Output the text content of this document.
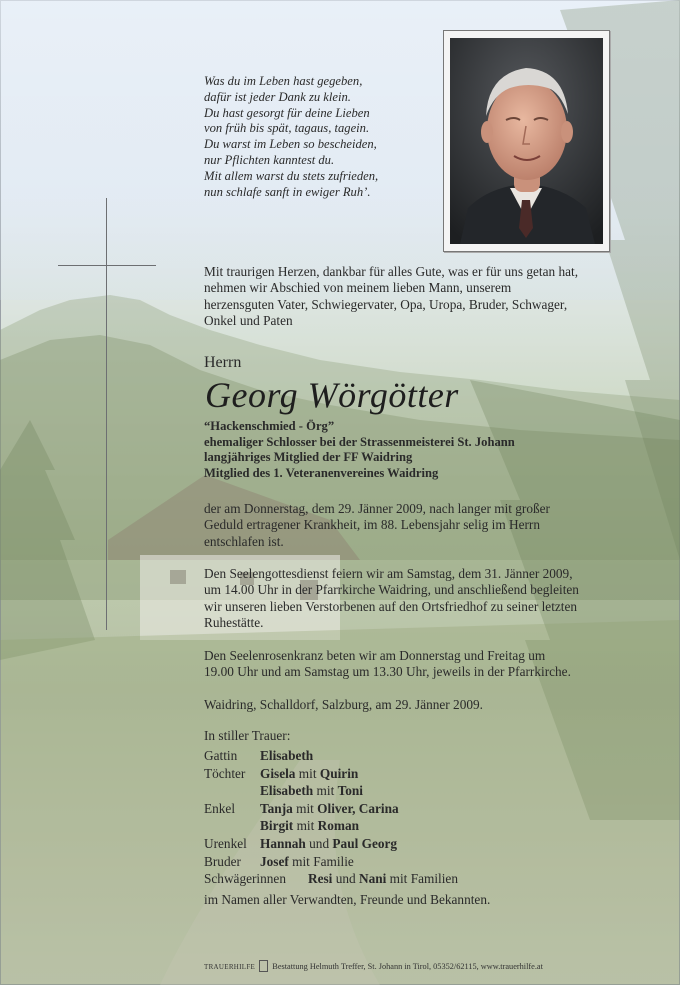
Was du im Leben hast gegeben,
dafür ist jeder Dank zu klein.
Du hast gesorgt für deine Lieben
von früh bis spät, tagaus, tagein.
Du warst im Leben so bescheiden,
nur Pflichten kanntest du.
Mit allem warst du stets zufrieden,
nun schlafe sanft in ewiger Ruh’.
Mit traurigen Herzen, dankbar für alles Gute, was er für uns getan hat,
nehmen wir Abschied von meinem lieben Mann, unserem
herzensguten Vater, Schwiegervater, Opa, Uropa, Bruder, Schwager,
Onkel und Paten
Herrn
Georg Wörgötter
“Hackenschmied - Örg”
ehemaliger Schlosser bei der Strassenmeisterei St. Johann
langjähriges Mitglied der FF Waidring
Mitglied des 1. Veteranenvereines Waidring
der am Donnerstag, dem 29. Jänner 2009, nach langer mit großer
Geduld ertragener Krankheit, im 88. Lebensjahr selig im Herrn
entschlafen ist.
Den Seelengottesdienst feiern wir am Samstag, dem 31. Jänner 2009,
um 14.00 Uhr in der Pfarrkirche Waidring, und anschließend begleiten
wir unseren lieben Verstorbenen auf den Ortsfriedhof zu seiner letzten
Ruhestätte.
Den Seelenrosenkranz beten wir am Donnerstag und Freitag um
19.00 Uhr und am Samstag um 13.30 Uhr, jeweils in der Pfarrkirche.
Waidring, Schalldorf, Salzburg, am 29. Jänner 2009.
In stiller Trauer:
Gattin Elisabeth
Töchter Gisela mit Quirin
Elisabeth mit Toni
Enkel Tanja mit Oliver, Carina
Birgit mit Roman
Urenkel Hannah und Paul Georg
Bruder Josef mit Familie
Schwägerinnen Resi und Nani mit Familien
im Namen aller Verwandten, Freunde und Bekannten.
TRAUERHILFE Bestattung Helmuth Treffer, St. Johann in Tirol, 05352/62115, www.trauerhilfe.at
